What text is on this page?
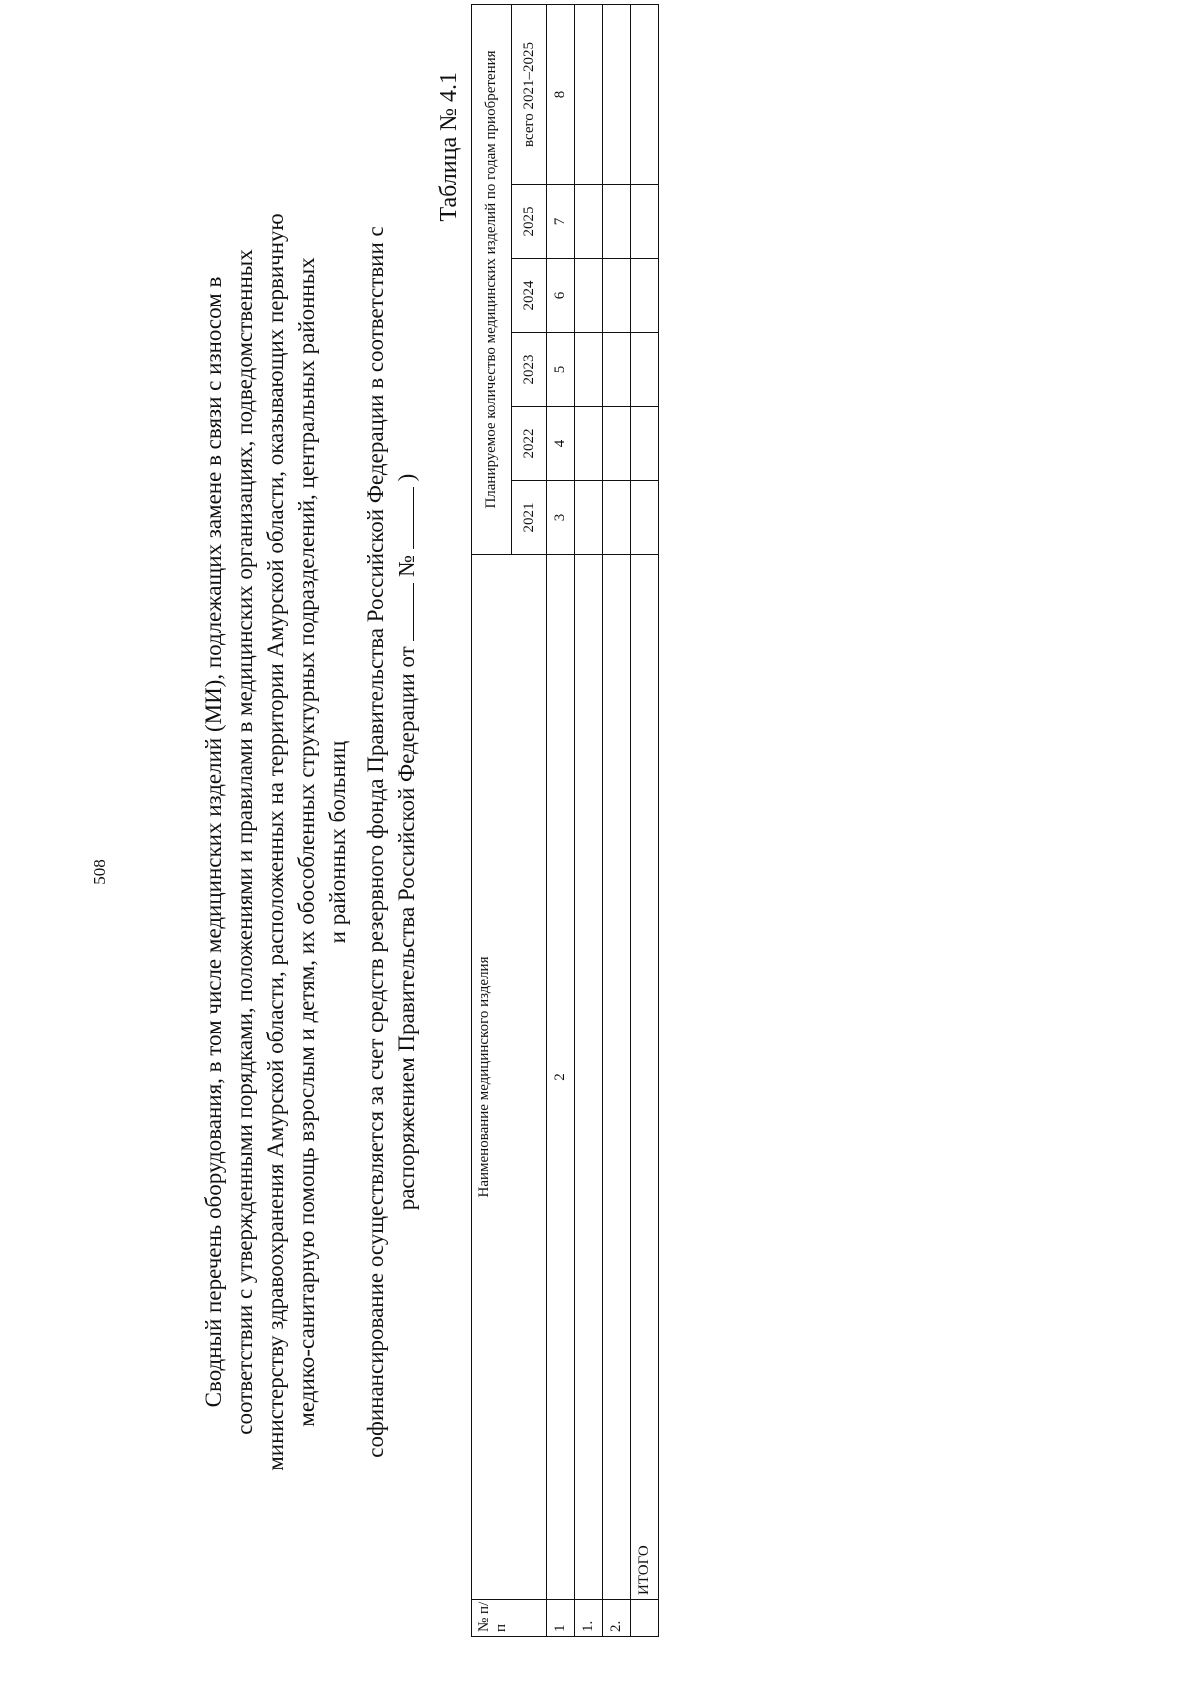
508	Сводный перечень оборудования, в том числе медицинских изделий (МИ), подлежащих замене в связи с износом в соответствии с утвержденными порядками, положениями и правилами в медицинских организациях, подведомственных министерству здравоохранения Амурской области, расположенных на территории Амурской области, оказывающих первичную медико-санитарную помощь взрослым и детям, их обособленных структурных подразделений, центральных районных и районных больниц софинансирование осуществляется за счет средств резервного фонда Правительства Российской Федерации в соответствии с распоряжением Правительства Российской Федерации от  №  )
Таблица № 4.1
№ п/п	Наименование медицинского изделия	Планируемое количество медицинских изделий по годам приобретения					
		2021	2022	2023	2024	2025	всего 2021–2025
1	2	3	4	5	6	7	8
1.							
2.							
	ИТОГО						
